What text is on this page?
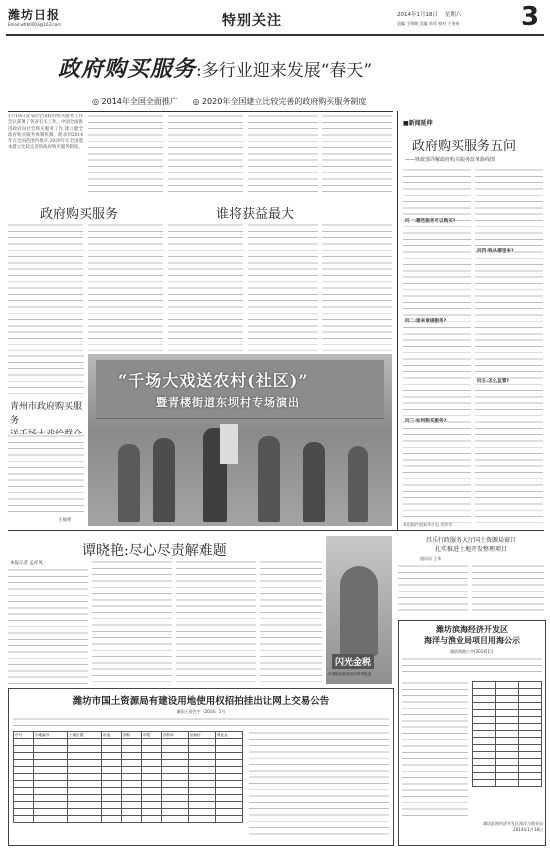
潍坊日报
Email:wfrb0003@163.com	特别关注	2014年1月18日 星期六
责编 王明朗 美编 毕玮 校对 于贵州 3
政府购买服务:多行业迎来发展“春天”
◎ 2014年全国全面推广 ◎ 2020年全国建立比较完善的政府购买服务制度
1月18日发布的全国政府购买服务工作会议部署了各省有关工作。中国全面推进政府向社会购买服务工作,建立健全政府购买服务体制机制。附录到2014年在全国范围内推开,2020年在全国基本建立比较完善的政府购买服务制度。
政府购买服务	谁将获益最大
■新闻延伸
政府购买服务五问
——财政部详解政府购买服务改革路线图
问一:哪些服务可以购买?
问二:谁来承接服务?
问三:如何购买服务?
问四:钱从哪里来?
问五:怎么监管?
本组稿件据新华社电 刘铮等
“千场大戏送农村(社区)”
暨青楼街道东坝村专场演出
青州市政府购买服务

王福祥
谭晓艳:尽心尽责解难题
本报记者 孟祥凤
闪光金税
市国税局税收宣传系列报道
昌乐行政服务大厅国土资源局窗口
扎实推进土地开发整理项目
通讯员 王华
潍坊滨海经济开发区
海洋与渔业局项目用海公示
潍滨海渔公字[2014]1号

潍坊滨海经济开发区海洋与渔业局
2014年1月18日
潍坊市国土资源局有建设用地使用权招拍挂出让网上交易公告
潍国土资告字〔2014〕1号
序号	宗地编号	土地位置	用途	面积	年限	容积率	起始价	保证金
